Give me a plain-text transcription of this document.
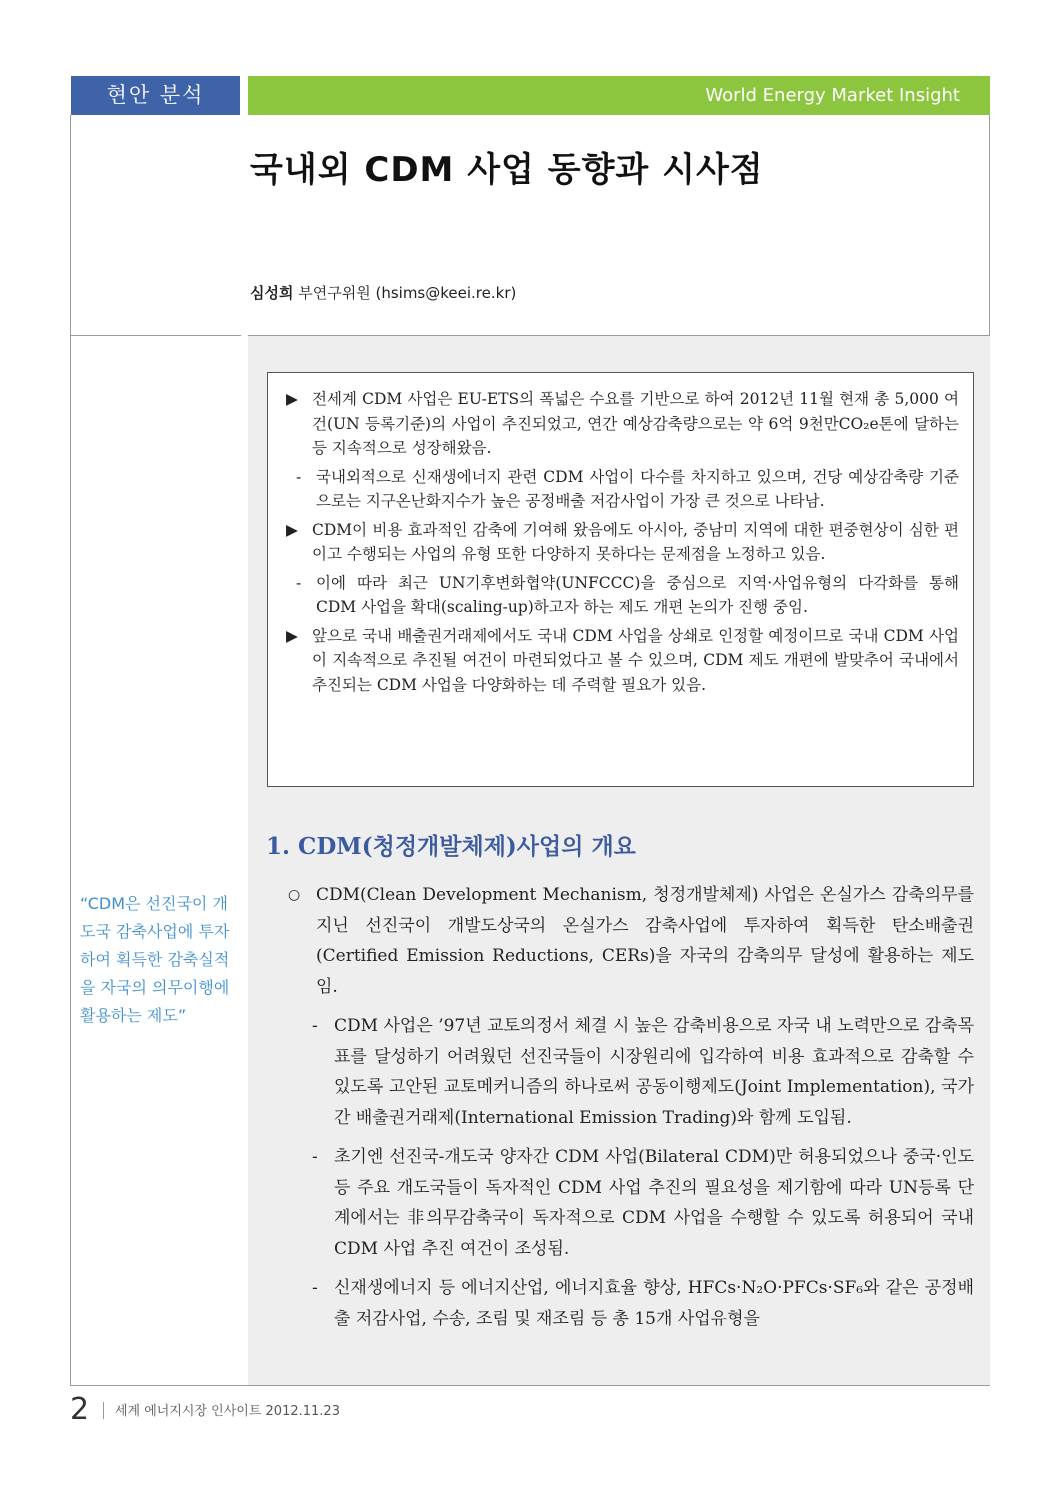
현안 분석	World Energy Market Insight
국내외 CDM 사업 동향과 시사점
심성희 부연구위원 (hsims@keei.re.kr)
▶ 전세계 CDM 사업은 EU-ETS의 폭넓은 수요를 기반으로 하여 2012년 11월 현재 총 5,000 여건(UN 등록기준)의 사업이 추진되었고, 연간 예상감축량으로는 약 6억 9천만CO₂e톤에 달하는 등 지속적으로 성장해왔음.
- 국내외적으로 신재생에너지 관련 CDM 사업이 다수를 차지하고 있으며, 건당 예상감축량 기준으로는 지구온난화지수가 높은 공정배출 저감사업이 가장 큰 것으로 나타남.
▶ CDM이 비용 효과적인 감축에 기여해 왔음에도 아시아, 중남미 지역에 대한 편중현상이 심한 편이고 수행되는 사업의 유형 또한 다양하지 못하다는 문제점을 노정하고 있음.
- 이에 따라 최근 UN기후변화협약(UNFCCC)을 중심으로 지역·사업유형의 다각화를 통해 CDM 사업을 확대(scaling-up)하고자 하는 제도 개편 논의가 진행 중임.
▶ 앞으로 국내 배출권거래제에서도 국내 CDM 사업을 상쇄로 인정할 예정이므로 국내 CDM 사업이 지속적으로 추진될 여건이 마련되었다고 볼 수 있으며, CDM 제도 개편에 발맞추어 국내에서 추진되는 CDM 사업을 다양화하는 데 주력할 필요가 있음.
1. CDM(청정개발체제)사업의 개요
○ CDM(Clean Development Mechanism, 청정개발체제) 사업은 온실가스 감축의무를 지닌 선진국이 개발도상국의 온실가스 감축사업에 투자하여 획득한 탄소배출권(Certified Emission Reductions, CERs)을 자국의 감축의무 달성에 활용하는 제도임.
- CDM 사업은 ’97년 교토의정서 체결 시 높은 감축비용으로 자국 내 노력만으로 감축목표를 달성하기 어려웠던 선진국들이 시장원리에 입각하여 비용 효과적으로 감축할 수 있도록 고안된 교토메커니즘의 하나로써 공동이행제도(Joint Implementation), 국가 간 배출권거래제(International Emission Trading)와 함께 도입됨.
- 초기엔 선진국-개도국 양자간 CDM 사업(Bilateral CDM)만 허용되었으나 중국·인도 등 주요 개도국들이 독자적인 CDM 사업 추진의 필요성을 제기함에 따라 UN등록 단계에서는 非의무감축국이 독자적으로 CDM 사업을 수행할 수 있도록 허용되어 국내 CDM 사업 추진 여건이 조성됨.
- 신재생에너지 등 에너지산업, 에너지효율 향상, HFCs·N₂O·PFCs·SF₆와 같은 공정배출 저감사업, 수송, 조림 및 재조림 등 총 15개 사업유형을
“CDM은 선진국이 개도국 감축사업에 투자하여 획득한 감축실적을 자국의 의무이행에 활용하는 제도”
2 세계 에너지시장 인사이트 2012.11.23
